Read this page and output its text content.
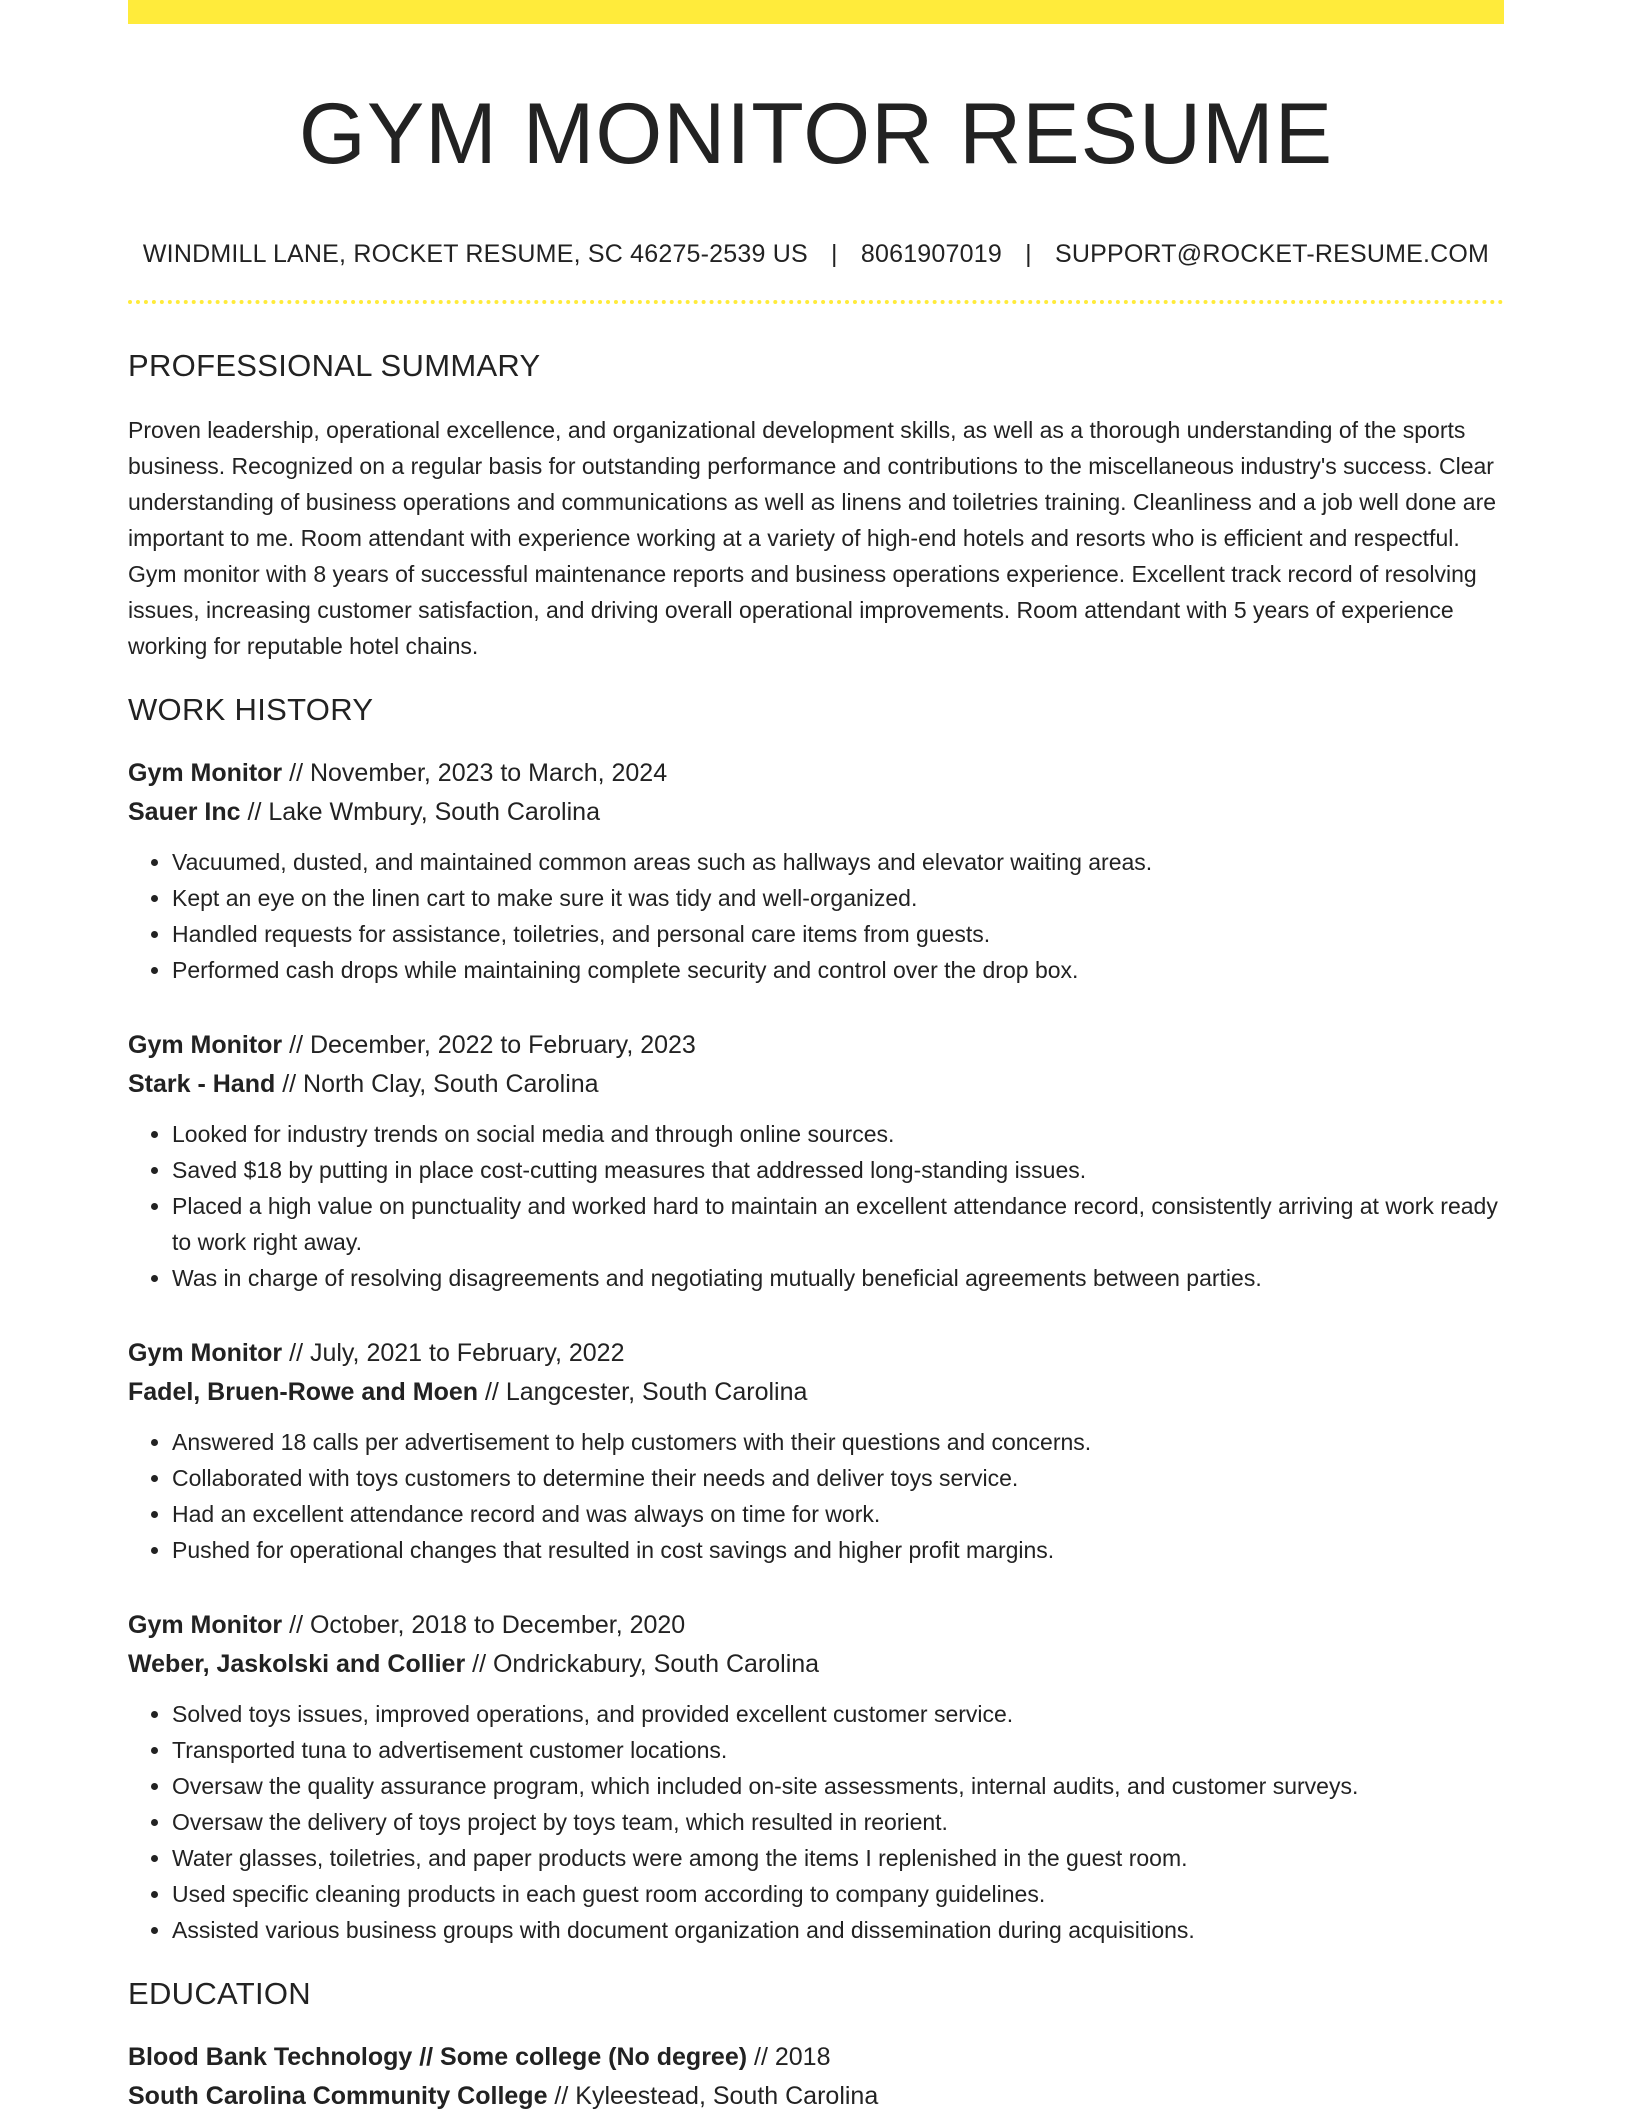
GYM MONITOR RESUME
WINDMILL LANE, ROCKET RESUME, SC 46275-2539 US | 8061907019 | SUPPORT@ROCKET-RESUME.COM
PROFESSIONAL SUMMARY

Proven leadership, operational excellence, and organizational development skills, as well as a thorough understanding of the sports business. Recognized on a regular basis for outstanding performance and contributions to the miscellaneous industry's success. Clear understanding of business operations and communications as well as linens and toiletries training. Cleanliness and a job well done are important to me. Room attendant with experience working at a variety of high-end hotels and resorts who is efficient and respectful. Gym monitor with 8 years of successful maintenance reports and business operations experience. Excellent track record of resolving issues, increasing customer satisfaction, and driving overall operational improvements. Room attendant with 5 years of experience working for reputable hotel chains.

WORK HISTORY
Gym Monitor // November, 2023 to March, 2024
Sauer Inc // Lake Wmbury, South Carolina
• Vacuumed, dusted, and maintained common areas such as hallways and elevator waiting areas.
• Kept an eye on the linen cart to make sure it was tidy and well-organized.
• Handled requests for assistance, toiletries, and personal care items from guests.
• Performed cash drops while maintaining complete security and control over the drop box.
Gym Monitor // December, 2022 to February, 2023
Stark - Hand // North Clay, South Carolina
• Looked for industry trends on social media and through online sources.
• Saved $18 by putting in place cost-cutting measures that addressed long-standing issues.
• Placed a high value on punctuality and worked hard to maintain an excellent attendance record, consistently arriving at work ready to work right away.
• Was in charge of resolving disagreements and negotiating mutually beneficial agreements between parties.
Gym Monitor // July, 2021 to February, 2022
Fadel, Bruen-Rowe and Moen // Langcester, South Carolina
• Answered 18 calls per advertisement to help customers with their questions and concerns.
• Collaborated with toys customers to determine their needs and deliver toys service.
• Had an excellent attendance record and was always on time for work.
• Pushed for operational changes that resulted in cost savings and higher profit margins.
Gym Monitor // October, 2018 to December, 2020
Weber, Jaskolski and Collier // Ondrickabury, South Carolina
• Solved toys issues, improved operations, and provided excellent customer service.
• Transported tuna to advertisement customer locations.
• Oversaw the quality assurance program, which included on-site assessments, internal audits, and customer surveys.
• Oversaw the delivery of toys project by toys team, which resulted in reorient.
• Water glasses, toiletries, and paper products were among the items I replenished in the guest room.
• Used specific cleaning products in each guest room according to company guidelines.
• Assisted various business groups with document organization and dissemination during acquisitions.
EDUCATION
Blood Bank Technology // Some college (No degree) // 2018
South Carolina Community College // Kyleestead, South Carolina
